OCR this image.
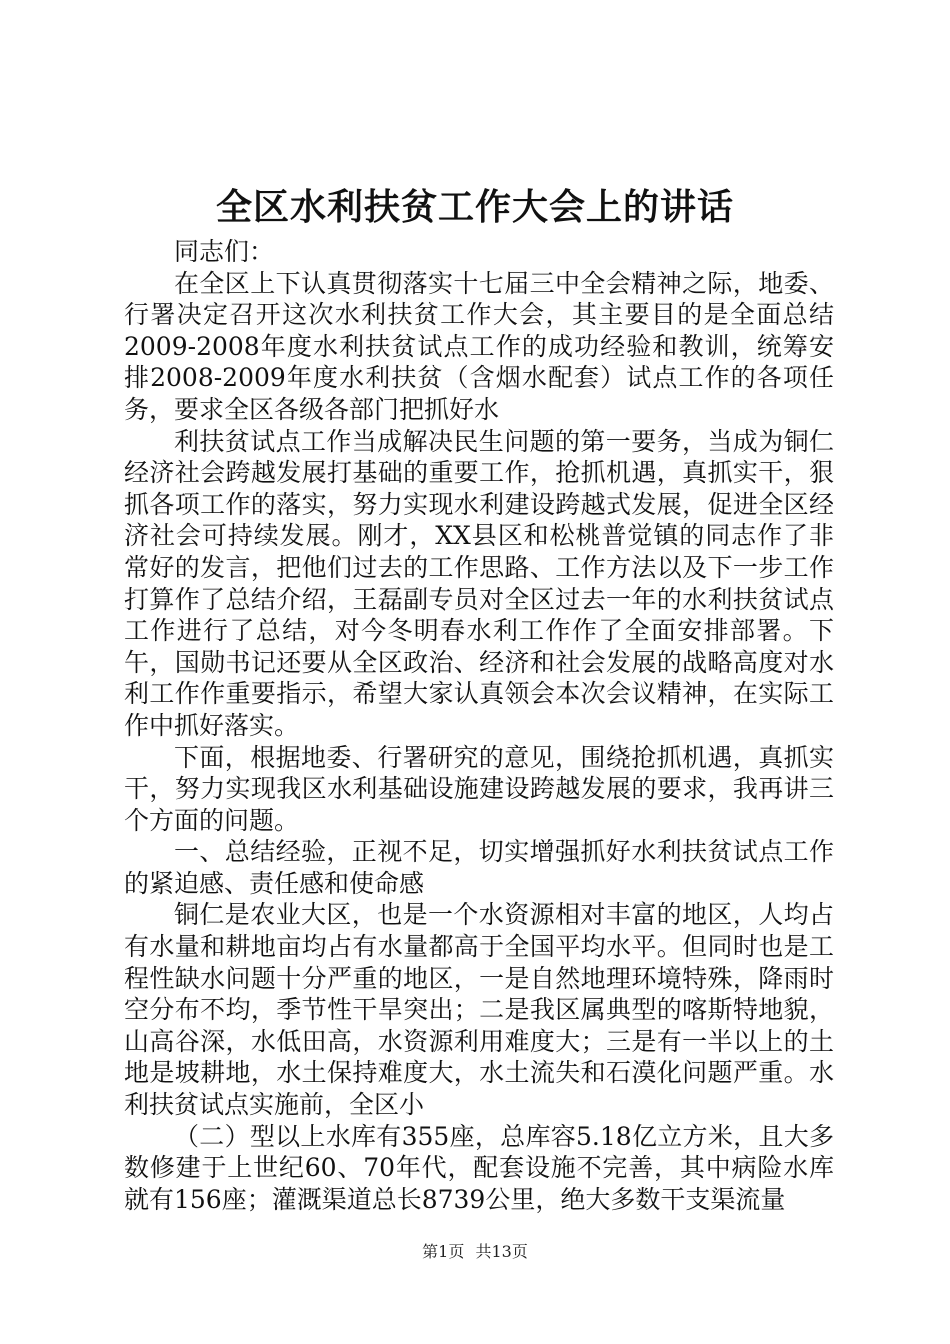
全区水利扶贫工作大会上的讲话

同志们：

在全区上下认真贯彻落实十七届三中全会精神之际，地委、行署决定召开这次水利扶贫工作大会，其主要目的是全面总结2009-2008年度水利扶贫试点工作的成功经验和教训，统筹安排2008-2009年度水利扶贫（含烟水配套）试点工作的各项任务，要求全区各级各部门把抓好水

利扶贫试点工作当成解决民生问题的第一要务，当成为铜仁经济社会跨越发展打基础的重要工作，抢抓机遇，真抓实干，狠抓各项工作的落实，努力实现水利建设跨越式发展，促进全区经济社会可持续发展。刚才，XX县区和松桃普觉镇的同志作了非常好的发言，把他们过去的工作思路、工作方法以及下一步工作打算作了总结介绍，王磊副专员对全区过去一年的水利扶贫试点工作进行了总结，对今冬明春水利工作作了全面安排部署。下午，国勋书记还要从全区政治、经济和社会发展的战略高度对水利工作作重要指示，希望大家认真领会本次会议精神，在实际工作中抓好落实。

下面，根据地委、行署研究的意见，围绕抢抓机遇，真抓实干，努力实现我区水利基础设施建设跨越发展的要求，我再讲三个方面的问题。

一、总结经验，正视不足，切实增强抓好水利扶贫试点工作的紧迫感、责任感和使命感

铜仁是农业大区，也是一个水资源相对丰富的地区，人均占有水量和耕地亩均占有水量都高于全国平均水平。但同时也是工程性缺水问题十分严重的地区，一是自然地理环境特殊，降雨时空分布不均，季节性干旱突出；二是我区属典型的喀斯特地貌，山高谷深，水低田高，水资源利用难度大；三是有一半以上的土地是坡耕地，水土保持难度大，水土流失和石漠化问题严重。水利扶贫试点实施前，全区小

（二）型以上水库有355座，总库容5.18亿立方米，且大多数修建于上世纪60、70年代，配套设施不完善，其中病险水库就有156座；灌溉渠道总长8739公里，绝大多数干支渠流量

第1页 共13页
